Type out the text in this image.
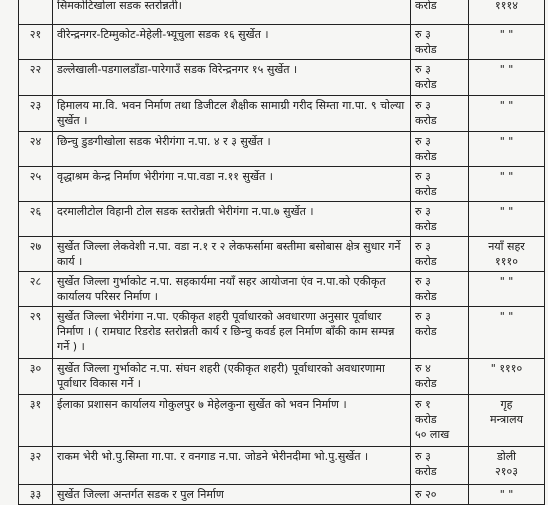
	सिमकोटिखोला सडक स्तरोन्नती।	करोड	१११४

२१	वीरेन्द्रनगर-टिम्मुकोट-मेहेली-भ्यूचुला सडक १६ सुर्खेत ।	रु ३
करोड	" "

२२	डल्लेखाली-पडगालडाँडा-पारेगाउँ सडक विरेन्द्रनगर १५ सुर्खेत ।	रु ३
करोड	" "

२३	हिमालय मा.वि. भवन निर्माण तथा डिजीटल शैक्षीक सामाग्री गरीद सिम्ता गा.पा. ९ चोल्या सुर्खेत ।	रु ३
करोड	" "

२४	छिन्चु डुङगीखोला सडक भेरीगंगा न.पा. ४ र ३ सुर्खेत ।	रु ३
करोड	" "

२५	वृद्धाश्रम केन्द्र निर्माण भेरीगंगा न.पा.वडा न.११ सुर्खेत ।	रु ३
करोड	" "

२६	दरमालीटोल विहानी टोल सडक स्तरोन्नती भेरीगंगा न.पा.७ सुर्खेत ।	रु ३
करोड	" "

२७	सुर्खेत जिल्ला लेकवेशी न.पा. वडा न.१ र २ लेकफर्सामा बस्तीमा बसोबास क्षेत्र सुधार गर्ने कार्य ।	रु ३
करोड	नयाँ सहर
१११०

२८	सुर्खेत जिल्ला गुर्भाकोट न.पा. सहकार्यमा नयाँ सहर आयोजना एंव न.पा.को एकीकृत कार्यालय परिसर निर्माण ।	रु ३
करोड	" "

२९	सुर्खेत जिल्ला भेरीगंगा न.पा. एकीकृत शहरी पूर्वाधारको अवधारणा अनुसार पूर्वाधार निर्माण । ( रामघाट रिडरोड स्तरोन्नती कार्य र छिन्चु कवर्ड हल निर्माण बाँकी काम सम्पन्न गर्ने ) ।	रु ३
करोड	" "

३०	सुर्खेत जिल्ला गुर्भाकोट न.पा. संघन शहरी (एकीकृत शहरी) पूर्वाधारको अवधारणामा पूर्वाधार विकास गर्ने ।	रु ४
करोड	" १११०

३१	ईलाका प्रशासन कार्यालय गोकुलपुर ७ मेहेलकुना सुर्खेत को भवन निर्माण ।	रु १
करोड
५० लाख	गृह
मन्त्रालय

३२	राकम भेरी भो.पु.सिम्ता गा.पा. र वनगाड न.पा. जोडने भेरीनदीमा भो.पु.सुर्खेत ।	रु ३
करोड	डोली
२१०३

३३	सुर्खेत जिल्ला अन्तर्गत सडक र पुल निर्माण	रु २०	" "
